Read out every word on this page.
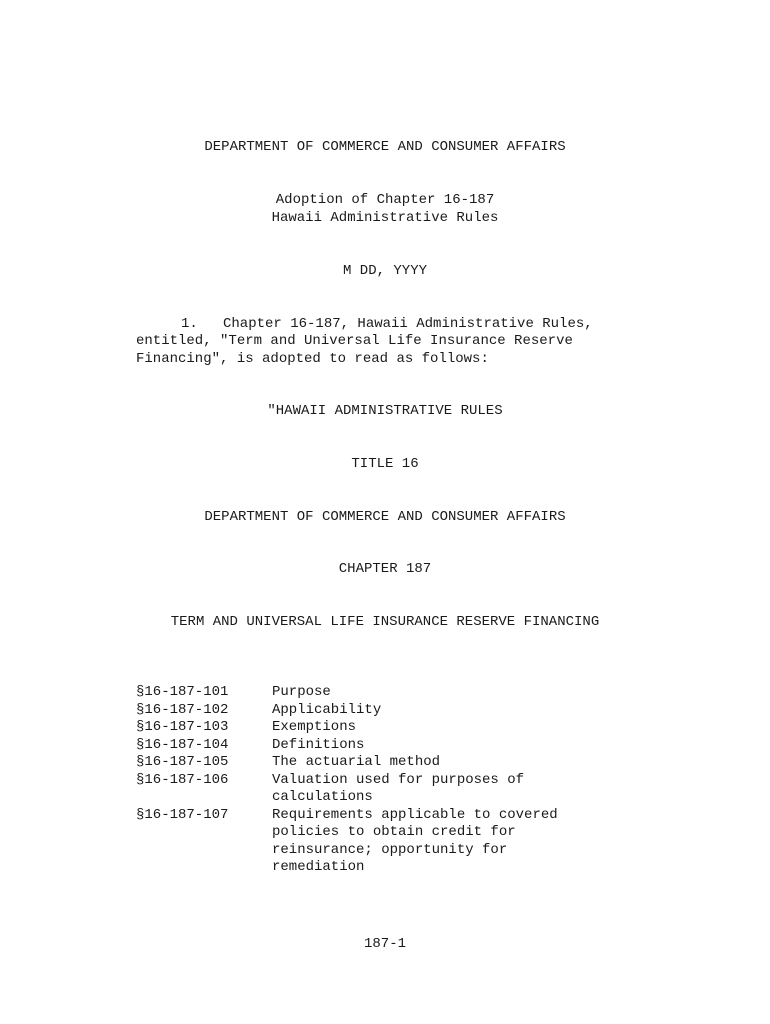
DEPARTMENT OF COMMERCE AND CONSUMER AFFAIRS
Adoption of Chapter 16-187
Hawaii Administrative Rules
M DD, YYYY
1.   Chapter 16-187, Hawaii Administrative Rules,
entitled, "Term and Universal Life Insurance Reserve
Financing", is adopted to read as follows:
"HAWAII ADMINISTRATIVE RULES
TITLE 16
DEPARTMENT OF COMMERCE AND CONSUMER AFFAIRS
CHAPTER 187
TERM AND UNIVERSAL LIFE INSURANCE RESERVE FINANCING
§16-187-101	Purpose
§16-187-102	Applicability
§16-187-103	Exemptions
§16-187-104	Definitions
§16-187-105	The actuarial method
§16-187-106	Valuation used for purposes of
calculations
§16-187-107	Requirements applicable to covered
policies to obtain credit for
reinsurance; opportunity for
remediation
187-1
